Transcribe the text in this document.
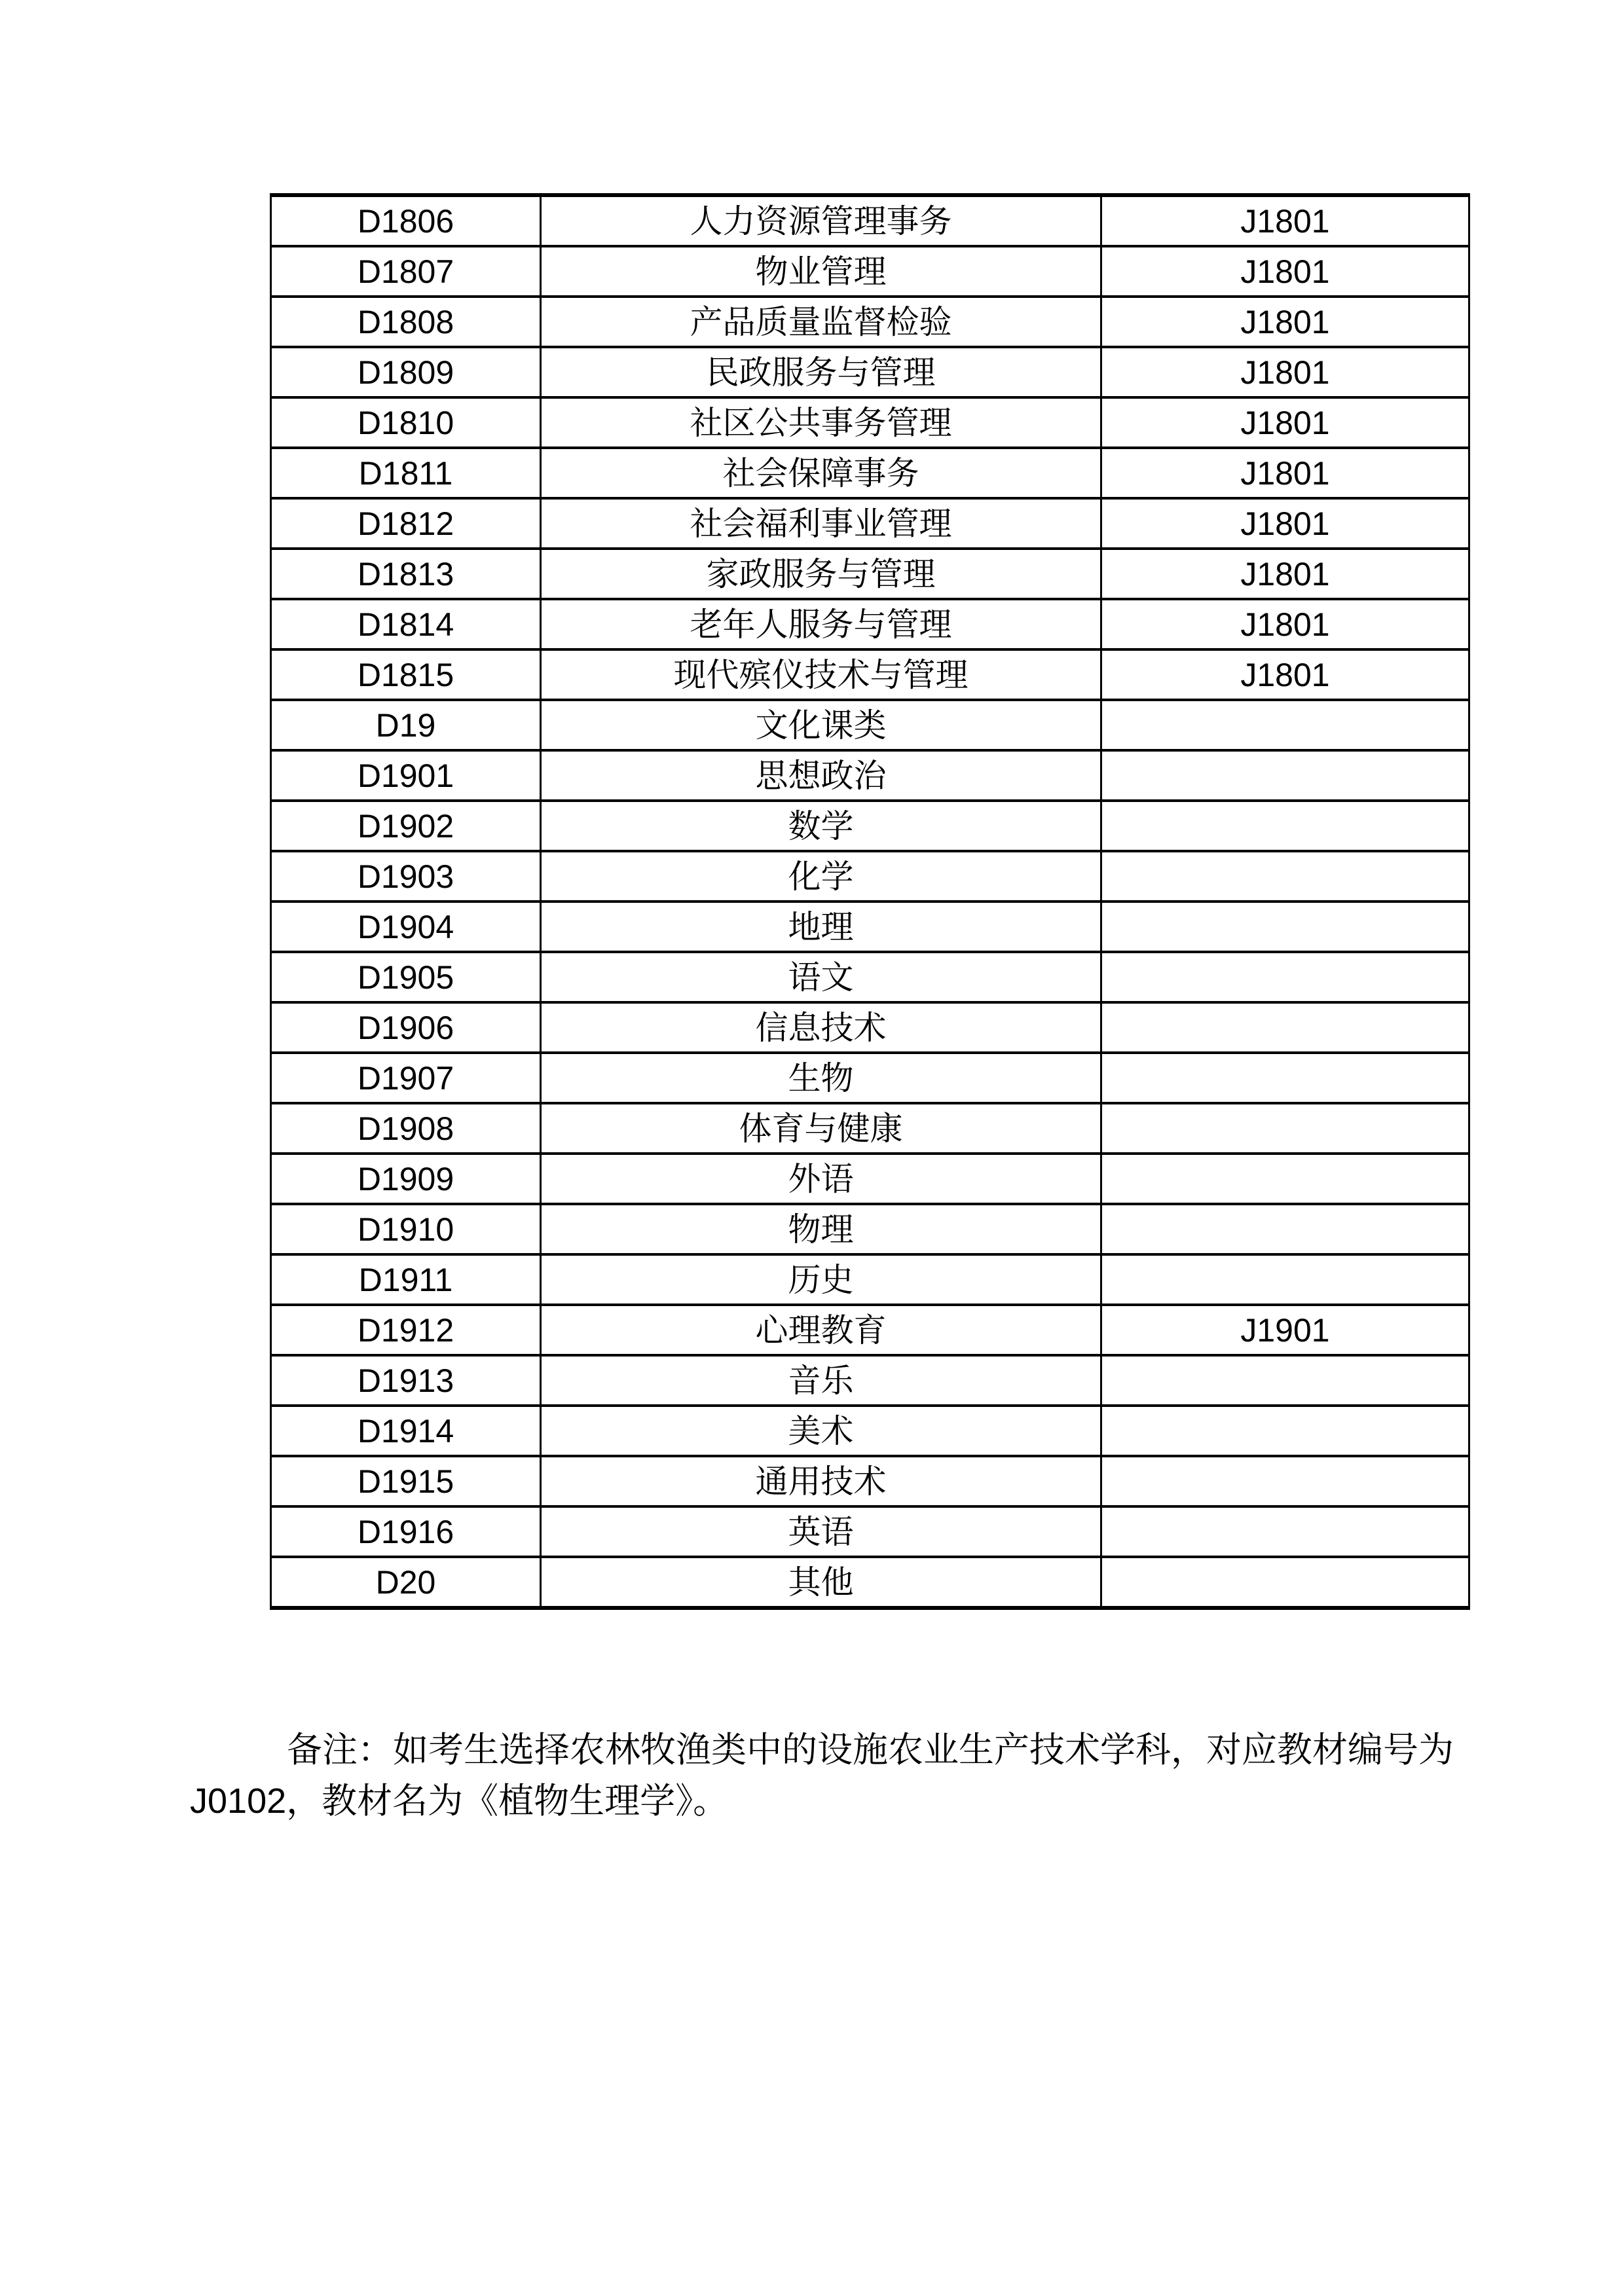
D1806	人力资源管理事务	J1801
D1807	物业管理	J1801
D1808	产品质量监督检验	J1801
D1809	民政服务与管理	J1801
D1810	社区公共事务管理	J1801
D1811	社会保障事务	J1801
D1812	社会福利事业管理	J1801
D1813	家政服务与管理	J1801
D1814	老年人服务与管理	J1801
D1815	现代殡仪技术与管理	J1801
D19	文化课类	
D1901	思想政治	
D1902	数学	
D1903	化学	
D1904	地理	
D1905	语文	
D1906	信息技术	
D1907	生物	
D1908	体育与健康	
D1909	外语	
D1910	物理	
D1911	历史	
D1912	心理教育	J1901
D1913	音乐	
D1914	美术	
D1915	通用技术	
D1916	英语	
D20	其他	

备注：如考生选择农林牧渔类中的设施农业生产技术学科，对应教材编号为
J0102，教材名为《植物生理学》。
